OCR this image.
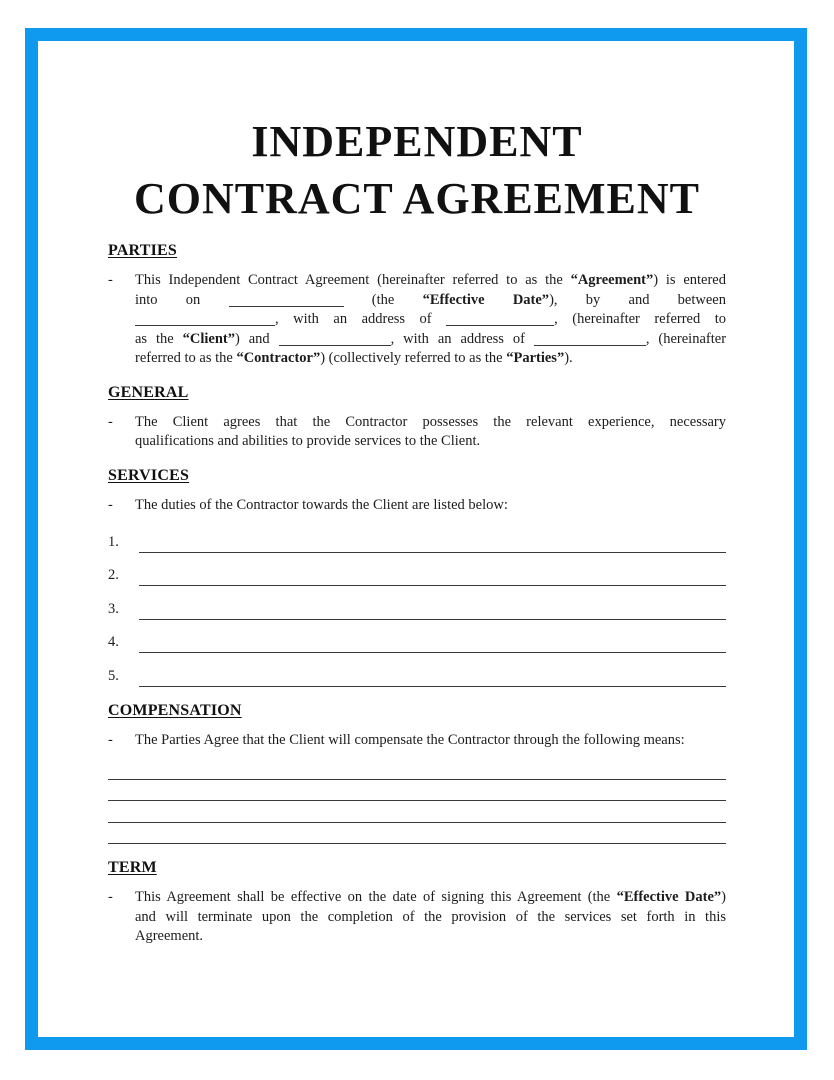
INDEPENDENT
CONTRACT AGREEMENT
PARTIES
-	This Independent Contract Agreement (hereinafter referred to as the “Agreement”) is entered
into on	(the “Effective Date”), by and between
, with an address of	, (hereinafter referred to
as the “Client”) and	, with an address of	, (hereinafter
referred to as the “Contractor”) (collectively referred to as the “Parties”).
GENERAL
-	The Client agrees that the Contractor possesses the relevant experience, necessary
qualifications and abilities to provide services to the Client.
SERVICES
-	The duties of the Contractor towards the Client are listed below:
1.
2.
3.
4.
5.
COMPENSATION
-	The Parties Agree that the Client will compensate the Contractor through the following means:
TERM
-	This Agreement shall be effective on the date of signing this Agreement (the “Effective Date”)
and will terminate upon the completion of the provision of the services set forth in this
Agreement.
